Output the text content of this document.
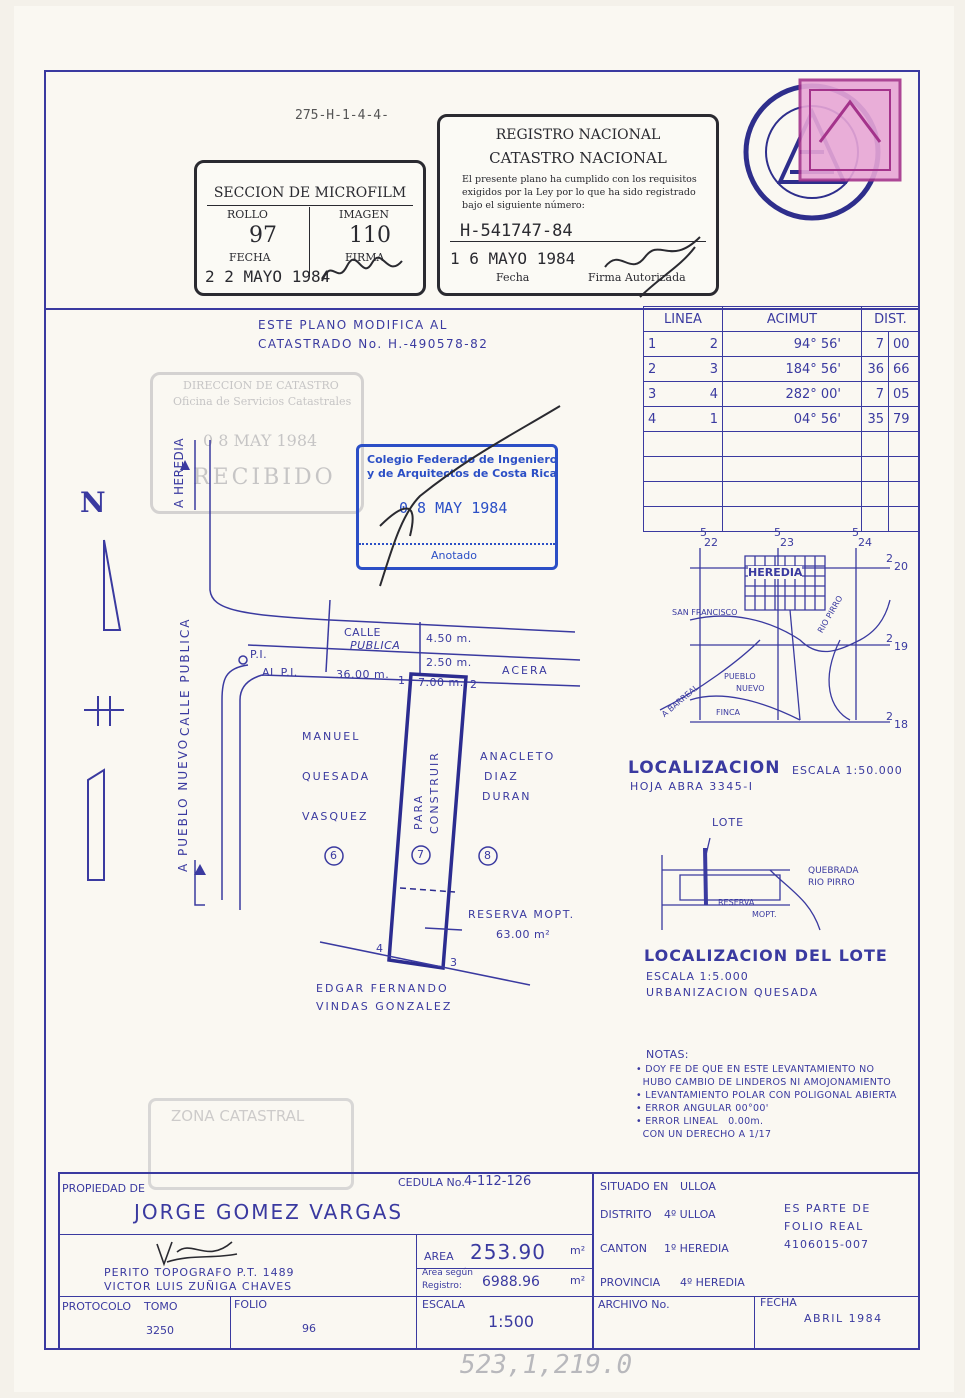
275-H-1-4-4-
SECCION DE MICROFILM
ROLLO	IMAGEN
97	110
FECHA	FIRMA
2 2 MAYO 1984
REGISTRO NACIONAL
CATASTRO NACIONAL
El presente plano ha cumplido con los requisitos exigidos por la Ley por lo que ha sido registrado bajo el siguiente número:
H-541747-84
1 6 MAYO 1984
Fecha	Firma Autorizada
DIRECCION DE CATASTRO
Oficina de Servicios Catastrales
0 8 MAY 1984
RECIBIDO
ZONA CATASTRAL
ESTE PLANO MODIFICA AL
CATASTRADO No. H.-490578-82
Colegio Federado de Ingeniero
y de Arquitectos de Costa Rica
0 8 MAY 1984
Anotado
LINEA	ACIMUT	DIST.	
1 2	94° 56'	7	00
2 3	184° 56'	36	66
3 4	282° 00'	7	05
4 1	04° 56'	35	79

N	A HEREDIA
CALLE PUBLICA
A PUEBLO NUEVO
CALLE
PUBLICA
4.50 m.
2.50 m.
ACERA
P.I.
AL P.I.	36.00 m.
7.00 m.
1	2
3
4
MANUEL
QUESADA
VASQUEZ
ANACLETO
DIAZ
DURAN
EDGAR FERNANDO
VINDAS GONZALEZ
PARA CONSTRUIR
6	7	8
RESERVA MOPT.
63.00 m²
5
22
5
23
5
24
2
20
2
19
2
18
HEREDIA
SAN FRANCISCO	RIO PIRRO
PUEBLO
NUEVO
A BARREAL FINCA
LOCALIZACION ESCALA 1:50.000
HOJA ABRA 3345-I
LOTE
QUEBRADA
RIO PIRRO
RESERVA
MOPT.
LOCALIZACION DEL LOTE
ESCALA 1:5.000
URBANIZACION QUESADA
NOTAS:
• DOY FE DE QUE EN ESTE LEVANTAMIENTO NO
HUBO CAMBIO DE LINDEROS NI AMOJONAMIENTO
• LEVANTAMIENTO POLAR CON POLIGONAL ABIERTA
• ERROR ANGULAR 00°00'
• ERROR LINEAL   0.00m.
CON UN DERECHO A 1/17
PROPIEDAD DE	CEDULA No. 4-112-126
JORGE GOMEZ VARGAS
PERITO TOPOGRAFO P.T. 1489
VICTOR LUIS ZUÑIGA CHAVES
AREA 253.90 m²
Area según
Registro: 6988.96	m²
SITUADO EN ULLOA
DISTRITO 4º ULLOA
CANTON 1º HEREDIA
PROVINCIA 4º HEREDIA
ES PARTE DE
FOLIO REAL
4106015-007
PROTOCOLO TOMO
3250
FOLIO
96
ESCALA
1:500
ARCHIVO No.	FECHA
ABRIL 1984
523,1,219.0
